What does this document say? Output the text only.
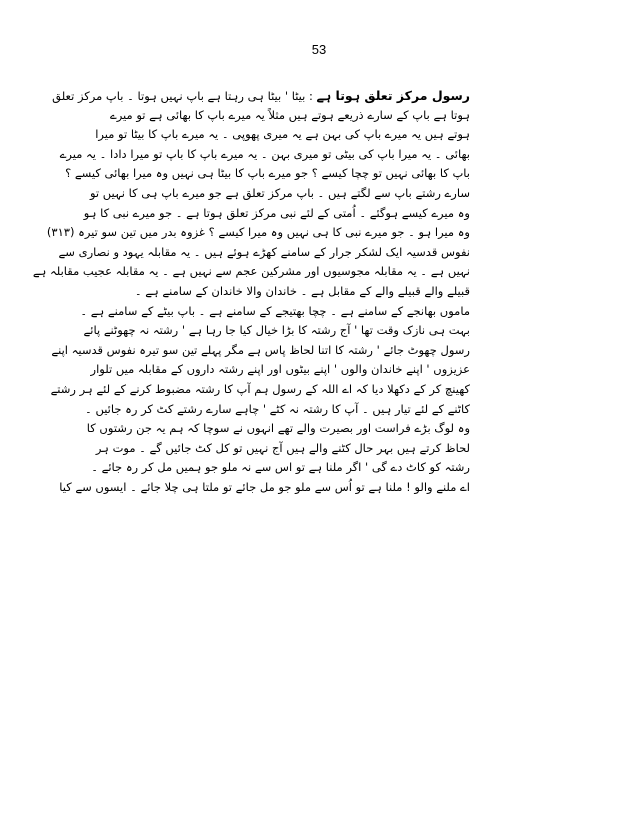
53
رسول مرکز تعلق ہوتا ہے : بیٹا ' بیٹا ہی رہتا ہے باپ نہیں ہوتا ۔ باپ مرکز تعلق
ہوتا ہے باپ کے سارے ذریعے ہوتے ہیں مثلاً یہ میرے باپ کا بھائی ہے تو میرے
ہوتے ہیں یہ میرے باپ کی بہن ہے یہ میری پھوپی ۔ یہ میرے باپ کا بیٹا تو میرا
بھائی ۔ یہ میرا باپ کی بیٹی تو میری بہن ۔ یہ میرے باپ کا باپ تو میرا دادا ۔ یہ میرے
باپ کا بھائی نہیں تو چچا کیسے ؟ جو میرے باپ کا بیٹا ہی نہیں وہ میرا بھائی کیسے ؟
سارے رشتے باپ سے لگتے ہیں ۔ باپ مرکز تعلق ہے جو میرے باپ ہی کا نہیں تو
وہ میرے کیسے ہوگئے ۔ اُمتی کے لئے نبی مرکز تعلق ہوتا ہے ۔ جو میرے نبی کا ہو
وہ میرا ہو ۔ جو میرے نبی کا ہی نہیں وہ میرا کیسے ؟ غزوہ بدر میں تین سو تیرہ (۳۱۳)
نفوس قدسیہ ایک لشکر جرار کے سامنے کھڑے ہوئے ہیں ۔ یہ مقابلہ یہود و نصاری سے
نہیں ہے ۔ یہ مقابلہ مجوسیوں اور مشرکین عجم سے نہیں ہے ۔ یہ مقابلہ عجیب مقابلہ ہے
قبیلے والے قبیلے والے کے مقابل ہے ۔ خاندان والا خاندان کے سامنے ہے ۔
ماموں بھانجے کے سامنے ہے ۔ چچا بھتیجے کے سامنے ہے ۔ باپ بیٹے کے سامنے ہے ۔
بہت ہی نازک وقت تھا ' آج رشتہ کا بڑا خیال کیا جا رہا ہے ' رشتہ نہ چھوٹنے پائے
رسول چھوٹ جائے ' رشتہ کا اتنا لحاظ پاس ہے مگر پہلے تین سو تیرہ نفوس قدسیہ اپنے
عزیزوں ' اپنے خاندان والوں ' اپنے بیٹوں اور اپنے رشتہ داروں کے مقابلہ میں تلوار
کھینچ کر کے دکھلا دیا کہ اے اللہ کے رسول ہم آپ کا رشتہ مضبوط کرنے کے لئے ہر رشتے
کاٹنے کے لئے تیار ہیں ۔ آپ کا رشتہ نہ کٹے ' چاہے سارے رشتے کٹ کر رہ جائیں ۔
وہ لوگ بڑے فراست اور بصیرت والے تھے انہوں نے سوچا کہ ہم یہ جن رشتوں کا
لحاظ کرتے ہیں بہر حال کٹنے والے ہیں آج نہیں تو کل کٹ جائیں گے ۔ موت ہر
رشتہ کو کاٹ دے گی ' اگر ملنا ہے تو اس سے نہ ملو جو ہمیں مل کر رہ جائے ۔
اے ملنے والو ! ملنا ہے تو اُس سے ملو جو مل جائے تو ملتا ہی چلا جائے ۔ ایسوں سے کیا
